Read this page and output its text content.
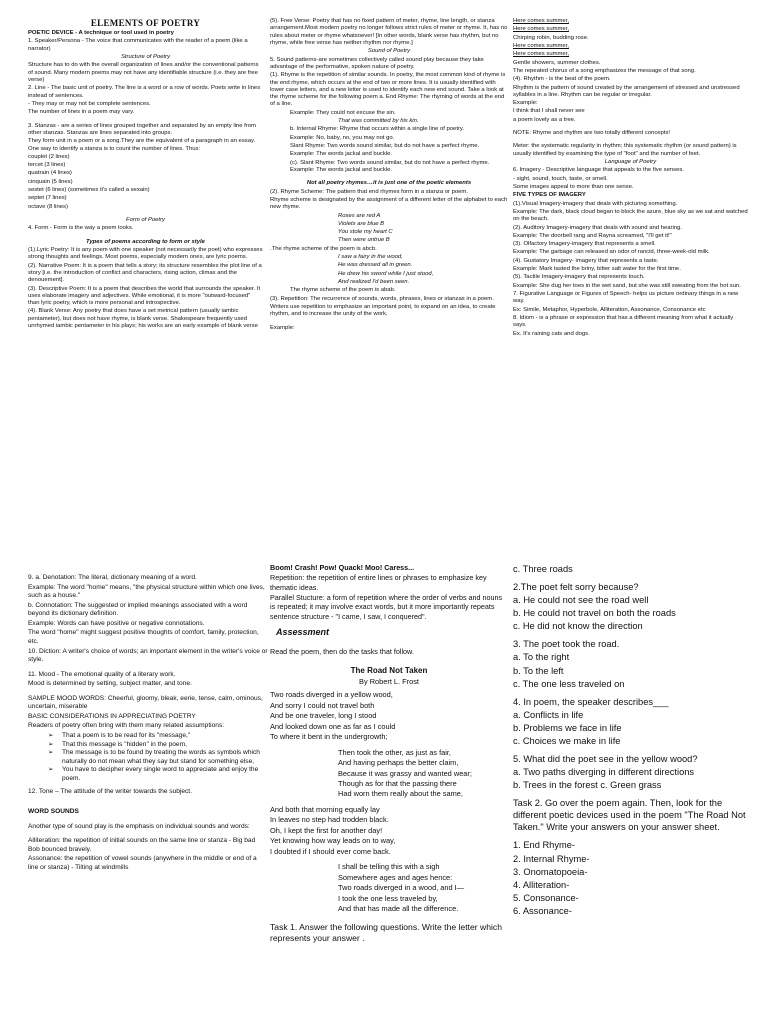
ELEMENTS OF POETRY

POETIC DEVICE - A technique or tool used in poetry

1. Speaker/Persona - The voice that communicates with the reader of a poem (like a narrator)

Structure of Poetry

Structure has to do with the overall organization of lines and/or the conventional patterns of sound. Many modern poems may not have any identifiable structure (i.e. they are free verse)

2. Line - The basic unit of poetry. The line is a word or a row of words. Poets write in lines instead of sentences.

- They may or may not be complete sentences.

The number of lines in a poem may vary.

3. Stanzas - are a series of lines grouped together and separated by an empty line from other stanzas. Stanzas are lines separated into groups.

They form unit in a poem or a song.They are the equivalent of a paragraph in an essay. One way to identify a stanza is to count the number of lines. Thus:

couplet (2 lines)

tercet (3 lines)

quatrain (4 lines)

cinquain (5 lines)

sestet (6 lines) (sometimes it's called a sexain)

septet (7 lines)

octave (8 lines)

Form of Poetry

4. Form - Form is the way a poem looks.

Types of poems according to form or style

(1).Lyric Poetry: It is any poem with one speaker (not necessarily the poet) who expresses strong thoughts and feelings. Most poems, especially modern ones, are lyric poems.

(2). Narrative Poem: It is a poem that tells a story; its structure resembles the plot line of a story [i.e. the introduction of conflict and characters, rising action, climax and the denouement].

(3). Descriptive Poem: It is a poem that describes the world that surrounds the speaker. It uses elaborate imagery and adjectives. While emotional, it is more "outward-focused" than lyric poetry, which is more personal and introspective.

(4). Blank Verse: Any poetry that does have a set metrical pattern (usually iambic pentameter), but does not have rhyme, is blank verse. Shakespeare frequently used unrhymed iambic pentameter in his plays; his works are an early example of blank verse

(5). Free Verse: Poetry that has no fixed pattern of meter, rhyme, line length, or stanza arrangement.Most modern poetry no longer follows strict rules of meter or rhyme. It, has no rules about meter or rhyme whatsoever! [In other words, blank verse has rhythm, but no rhyme, while free verse has neither rhythm nor rhyme.]

Sound of Poetry

5. Sound patterns-are sometimes collectively called sound play because they take advantage of the performative, spoken nature of poetry.

(1). Rhyme is the repetition of similar sounds. In poetry, the most common kind of rhyme is the end rhyme, which occurs at the end of two or more lines. It is usually identified with lower case letters, and a new letter is used to identify each new end sound. Take a look at the rhyme scheme for the following poem a. End Rhyme: The rhyming of words at the end of a line.

Example: They could not excuse the sin.

That was committed by his kin.

b. Internal Rhyme: Rhyme that occurs within a single line of poetry.

Example: No, baby, no, you may not go.

Slant Rhyme: Two words sound similar, but do not have a perfect rhyme.

Example: The words jackal and buckle.

(c). Slant Rhyme: Two words sound similar, but do not have a perfect rhyme. Example: The words jackal and buckle.

Not all poetry rhymes…it is just one of the poetic elements

(2). Rhyme Scheme: The pattern that end rhymes form in a stanza or poem.

Rhyme scheme is designated by the assignment of a different letter of the alphabet to each new rhyme.

Roses are red A

Violets are blue B

You stole my heart C

Then were untrue B

.The rhyme scheme of the poem is abcb.

I saw a fairy in the wood,

He was dressed all in green.

He drew his sword while I just stood,

And realized I'd been seen.

The rhyme scheme of the poem is abab.

(3). Repetition: The recurrence of sounds, words, phrases, lines or stanzas in a poem.

Writers use repetition to emphasize an important point, to expand on an idea, to create rhythm, and to increase the unity of the work.

Example:

Here comes summer,

Here comes summer,

Chirping robin, budding rose.

Here comes summer,

Here comes summer,

Gentle showers, summer clothes.

The repeated chorus of a song emphasizes the message of that song.

(4). Rhythm - is the beat of the poem.

Rhythm is the pattern of sound created by the arrangement of stressed and unstressed syllables in a line. Rhythm can be regular or irregular.

Example:

I think that I shall never see

a poem lovely as a tree.

NOTE: Rhyme and rhythm are two totally different concepts!

Meter: the systematic regularity in rhythm; this systematic rhythm (or sound pattern) is usually identified by examining the type of "foot" and the number of feet.

Language of Poetry

6. Imagery - Descriptive language that appeals to the five senses.

- sight, sound, touch, taste, or smell.

Some images appeal to more than one sense.

FIVE TYPES OF IMAGERY

(1).Visual Imagery-imagery that deals with picturing something.

Example: The dark, black cloud began to block the azure, blue sky as we sat and watched on the beach.

(2). Auditory Imagery-imagery that deals with sound and hearing.

Example: The doorbell rang and Rayna screamed, "I'll get it!"

(3). Olfactory Imagery-imagery that represents a smell.

Example: The garbage can released an odor of rancid, three-week-old milk.

(4). Gustatory Imagery- imagery that represents a taste.

Example: Mark tasted the briny, bitter salt water for the first time.

(5). Tactile Imagery-imagery that represents touch.

Example: She dug her toes in the wet sand, but she was still sweating from the hot sun.

7. Figurative Language or Figures of Speech- helps us picture ordinary things in a new way.

Ex: Simile, Metaphor, Hyperbole, Alliteration, Assonance, Consonance etc

8. Idiom - is a phrase or expression that has a different meaning from what it actually says.

Ex. It's raining cats and dogs.

9. a. Denotation: The literal, dictionary meaning of a word.

Example: The word "home" means, "the physical structure within which one lives, such as a house."

b. Connotation: The suggested or implied meanings associated with a word beyond its dictionary definition.

Example: Words can have positive or negative connotations.

The word "home" might suggest positive thoughts of comfort, family, protection, etc.

10. Diction: A writer's choice of words; an important element in the writer's voice or style.

11. Mood - The emotional quality of a literary work.

Mood is determined by setting, subject matter, and tone.

SAMPLE MOOD WORDS: Cheerful, gloomy, bleak, eerie, tense, calm, ominous, uncertain, miserable

BASIC CONSIDERATIONS IN APPRECIATING POETRY

Readers of poetry often bring with them many related assumptions:

➢ That a poem is to be read for its "message,"
➢ That this message is "hidden" in the poem,
➢ The message is to be found by treating the words as symbols which naturally do not mean what they say but stand for something else,
➢ You have to decipher every single word to appreciate and enjoy the poem.

12. Tone – The attitude of the writer towards the subject.

WORD SOUNDS

Another type of sound play is the emphasis on individual sounds and words:

Alliteration: the repetition of initial sounds on the same line or stanza - Big bad Bob bounced bravely.

Assonance: the repetition of vowel sounds (anywhere in the middle or end of a line or stanza) - Tilting at windmills

Boom! Crash! Pow! Quack! Moo! Caress...

Repetition: the repetition of entire lines or phrases to emphasize key thematic ideas.

Parallel Stucture: a form of repetition where the order of verbs and nouns is repeated; it may involve exact words, but it more importantly repeats sentence structure - "I came, I saw, I conquered".

Assessment

Read the poem, then do the tasks that follow.

The Road Not Taken
By Robert L. Frost

Two roads diverged in a yellow wood,

And sorry I could not travel both

And be one traveler, long I stood

And looked down one as far as I could

To where it bent in the undergrowth;

Then took the other, as just as fair,

And having perhaps the better claim,

Because it was grassy and wanted wear;

Though as for that the passing there

Had worn them really about the same,

And both that morning equally lay

In leaves no step had trodden black.

Oh, I kept the first for another day!

Yet knowing how way leads on to way,

I doubted if I should ever come back.

I shall be telling this with a sigh

Somewhere ages and ages hence:

Two roads diverged in a wood, and I—

I took the one less traveled by,

And that has made all the difference.

Task 1. Answer the following questions. Write the letter which represents your answer .

c. Three roads

2.The poet felt sorry because?

a. He could not see the road well

b. He could not travel on both the roads

c. He did not know the direction

3. The poet took the road.

a. To the right

b. To the left

c. The one less traveled on

4. In poem, the speaker describes___

a. Conflicts in life

b. Problems we face in life

c. Choices we make in life

5. What did the poet see in the yellow wood?

a. Two paths diverging in different directions

b. Trees in the forest c. Green grass

Task 2. Go over the poem again. Then, look for the different poetic devices used in the poem "The Road Not Taken." Write your answers on your answer sheet.

1. End Rhyme-

2. Internal Rhyme-

3. Onomatopoeia-

4. Alliteration-

5. Consonance-

6. Assonance-
